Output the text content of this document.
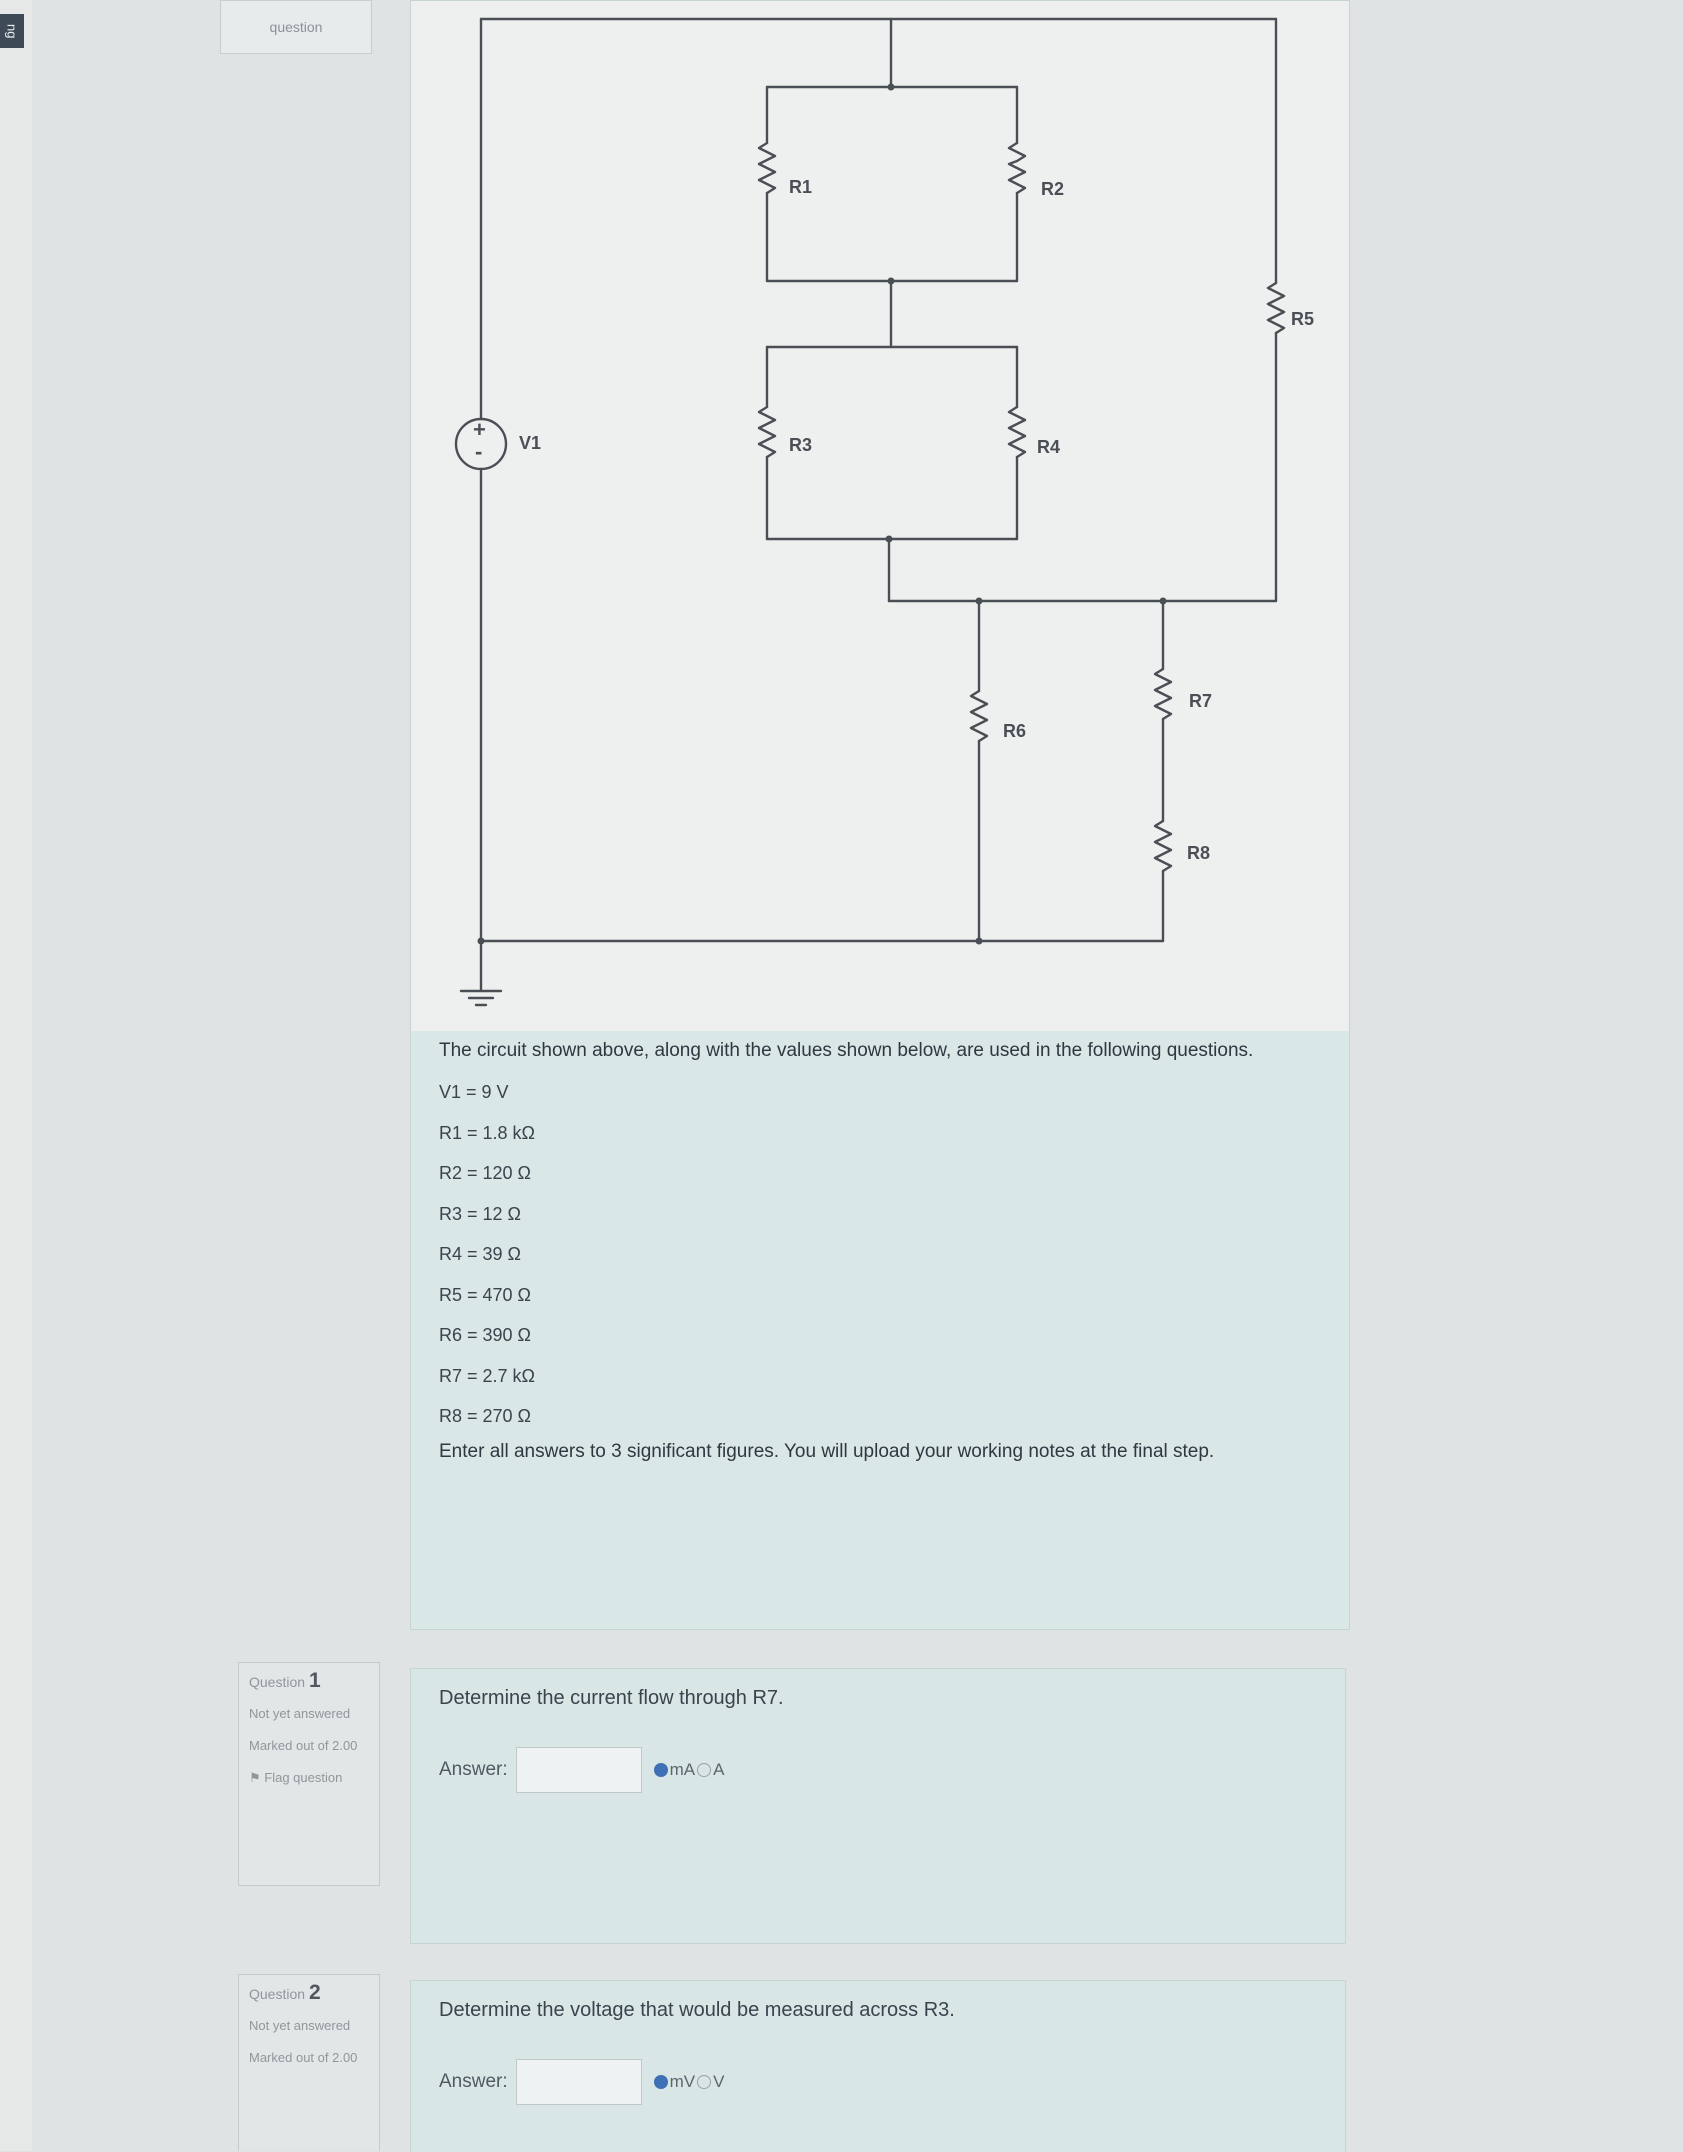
ng	question
+
- V1
R1	R2
R3	R4
R5
R6
R7
R8

The circuit shown above, along with the values shown below, are used in the following questions.

V1 = 9 V
R1 = 1.8 kΩ
R2 = 120 Ω
R3 = 12 Ω
R4 = 39 Ω
R5 = 470 Ω
R6 = 390 Ω
R7 = 2.7 kΩ
R8 = 270 Ω

Enter all answers to 3 significant figures. You will upload your working notes at the final step.

Question 1
Not yet answered
Marked out of 2.00
⚑ Flag question
Determine the current flow through R7.
Answer:	mA A
Question 2
Not yet answered
Marked out of 2.00
Determine the voltage that would be measured across R3.
Answer:	mV V
